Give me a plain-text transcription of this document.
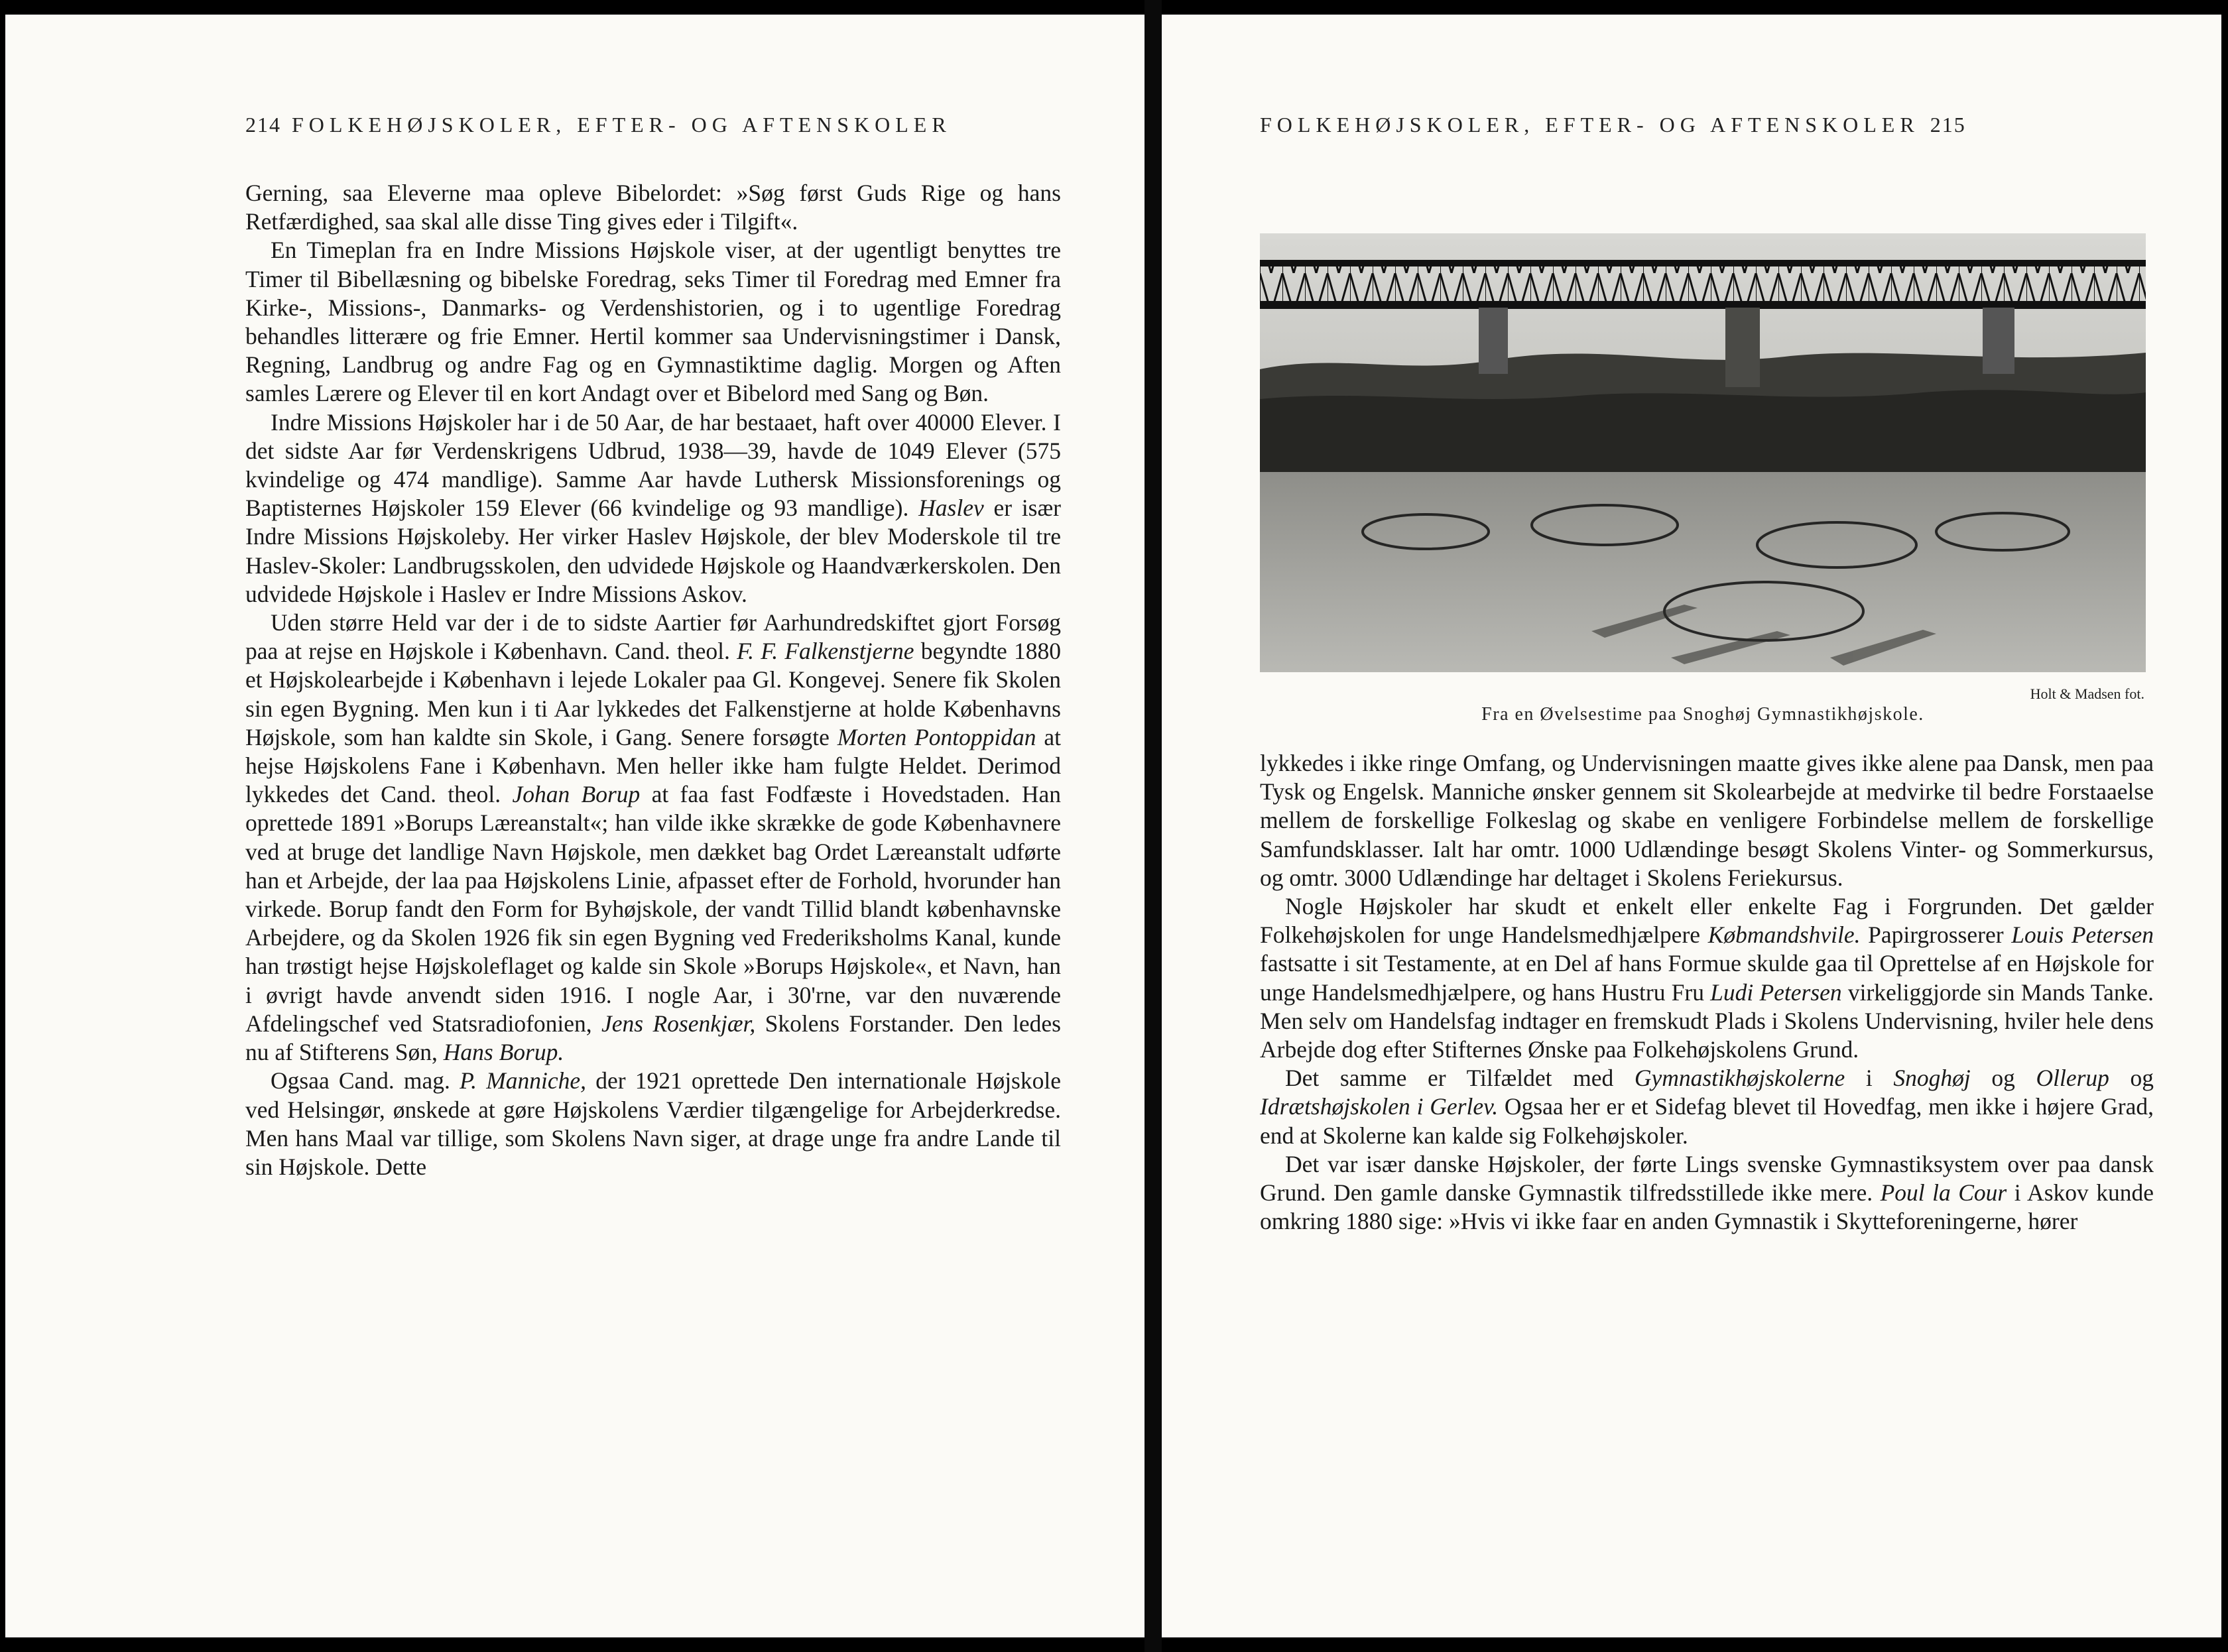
214 FOLKEHØJSKOLER, EFTER- OG AFTENSKOLER

Gerning, saa Eleverne maa opleve Bibelordet: »Søg først Guds Rige og hans Retfærdighed, saa skal alle disse Ting gives eder i Tilgift«.

En Timeplan fra en Indre Missions Højskole viser, at der ugentligt benyttes tre Timer til Bibellæsning og bibelske Foredrag, seks Timer til Foredrag med Emner fra Kirke-, Missions-, Danmarks- og Verdenshistorien, og i to ugentlige Foredrag behandles litterære og frie Emner. Hertil kommer saa Undervisningstimer i Dansk, Regning, Landbrug og andre Fag og en Gymnastiktime daglig. Morgen og Aften samles Lærere og Elever til en kort Andagt over et Bibelord med Sang og Bøn.

Indre Missions Højskoler har i de 50 Aar, de har bestaaet, haft over 40000 Elever. I det sidste Aar før Verdenskrigens Udbrud, 1938—39, havde de 1049 Elever (575 kvindelige og 474 mandlige). Samme Aar havde Luthersk Missionsforenings og Baptisternes Højskoler 159 Elever (66 kvindelige og 93 mandlige). Haslev er især Indre Missions Højskoleby. Her virker Haslev Højskole, der blev Moderskole til tre Haslev-Skoler: Landbrugsskolen, den udvidede Højskole og Haandværkerskolen. Den udvidede Højskole i Haslev er Indre Missions Askov.

Uden større Held var der i de to sidste Aartier før Aarhundredskiftet gjort Forsøg paa at rejse en Højskole i København. Cand. theol. F. F. Falkenstjerne begyndte 1880 et Højskolearbejde i København i lejede Lokaler paa Gl. Kongevej. Senere fik Skolen sin egen Bygning. Men kun i ti Aar lykkedes det Falkenstjerne at holde Københavns Højskole, som han kaldte sin Skole, i Gang. Senere forsøgte Morten Pontoppidan at hejse Højskolens Fane i København. Men heller ikke ham fulgte Heldet. Derimod lykkedes det Cand. theol. Johan Borup at faa fast Fodfæste i Hovedstaden. Han oprettede 1891 »Borups Læreanstalt«; han vilde ikke skrække de gode Københavnere ved at bruge det landlige Navn Højskole, men dækket bag Ordet Læreanstalt udførte han et Arbejde, der laa paa Højskolens Linie, afpasset efter de Forhold, hvorunder han virkede. Borup fandt den Form for Byhøjskole, der vandt Tillid blandt københavnske Arbejdere, og da Skolen 1926 fik sin egen Bygning ved Frederiksholms Kanal, kunde han trøstigt hejse Højskoleflaget og kalde sin Skole »Borups Højskole«, et Navn, han i øvrigt havde anvendt siden 1916. I nogle Aar, i 30'rne, var den nuværende Afdelingschef ved Statsradiofonien, Jens Rosenkjær, Skolens Forstander. Den ledes nu af Stifterens Søn, Hans Borup.

Ogsaa Cand. mag. P. Manniche, der 1921 oprettede Den internationale Højskole ved Helsingør, ønskede at gøre Højskolens Værdier tilgængelige for Arbejderkredse. Men hans Maal var tillige, som Skolens Navn siger, at drage unge fra andre Lande til sin Højskole. Dette

FOLKEHØJSKOLER, EFTER- OG AFTENSKOLER 215
Holt & Madsen fot.
Fra en Øvelsestime paa Snoghøj Gymnastikhøjskole.

lykkedes i ikke ringe Omfang, og Undervisningen maatte gives ikke alene paa Dansk, men paa Tysk og Engelsk. Manniche ønsker gennem sit Skolearbejde at medvirke til bedre Forstaaelse mellem de forskellige Folkeslag og skabe en venligere Forbindelse mellem de forskellige Samfundsklasser. Ialt har omtr. 1000 Udlændinge besøgt Skolens Vinter- og Sommerkursus, og omtr. 3000 Udlændinge har deltaget i Skolens Feriekursus.

Nogle Højskoler har skudt et enkelt eller enkelte Fag i Forgrunden. Det gælder Folkehøjskolen for unge Handelsmedhjælpere Købmandshvile. Papirgrosserer Louis Petersen fastsatte i sit Testamente, at en Del af hans Formue skulde gaa til Oprettelse af en Højskole for unge Handelsmedhjælpere, og hans Hustru Fru Ludi Petersen virkeliggjorde sin Mands Tanke. Men selv om Handelsfag indtager en fremskudt Plads i Skolens Undervisning, hviler hele dens Arbejde dog efter Stifternes Ønske paa Folkehøjskolens Grund.

Det samme er Tilfældet med Gymnastikhøjskolerne i Snoghøj og Ollerup og Idrætshøjskolen i Gerlev. Ogsaa her er et Sidefag blevet til Hovedfag, men ikke i højere Grad, end at Skolerne kan kalde sig Folkehøjskoler.

Det var især danske Højskoler, der førte Lings svenske Gymnastiksystem over paa dansk Grund. Den gamle danske Gymnastik tilfredsstillede ikke mere. Poul la Cour i Askov kunde omkring 1880 sige: »Hvis vi ikke faar en anden Gymnastik i Skytteforeningerne, hører
